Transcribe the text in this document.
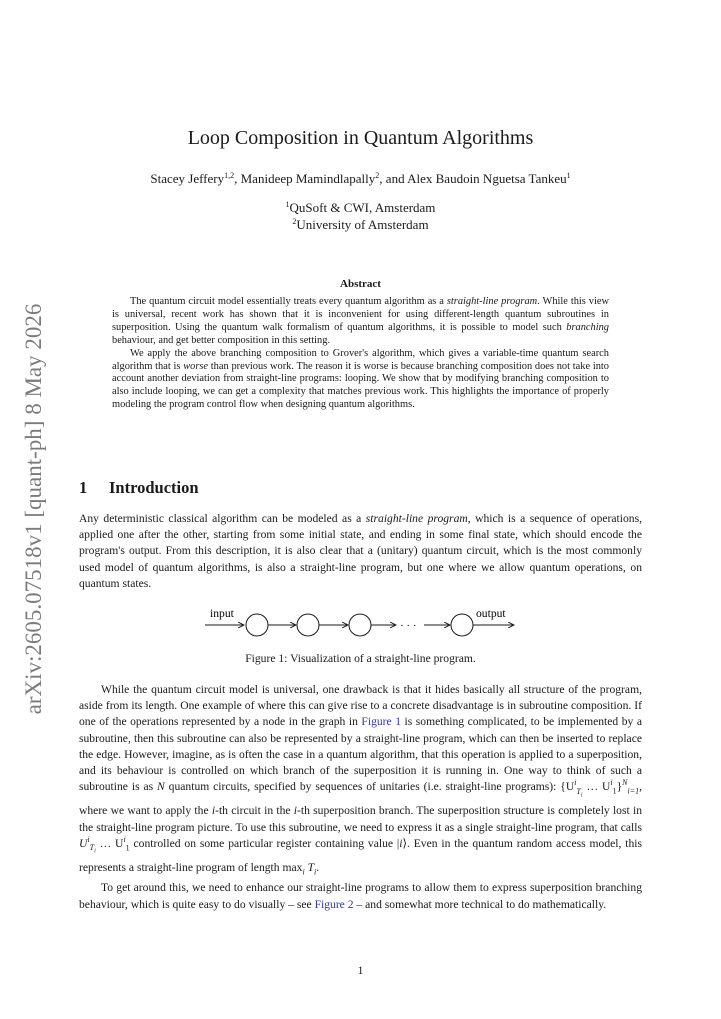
arXiv:2605.07518v1 [quant-ph] 8 May 2026
Loop Composition in Quantum Algorithms
Stacey Jeffery$^{1,2}$, Manideep Mamindlapally$^2$, and Alex Baudoin Nguetsa Tankeu$^1$
$^1$QuSoft & CWI, Amsterdam
$^2$University of Amsterdam
Abstract

The quantum circuit model essentially treats every quantum algorithm as a straight-line program. While this view is universal, recent work has shown that it is inconvenient for using different-length quantum subroutines in superposition. Using the quantum walk formalism of quantum algorithms, it is possible to model such branching behaviour, and get better composition in this setting.

We apply the above branching composition to Grover's algorithm, which gives a variable-time quantum search algorithm that is worse than previous work. The reason it is worse is because branching composition does not take into account another deviation from straight-line programs: looping. We show that by modifying branching composition to also include looping, we can get a complexity that matches previous work. This highlights the importance of properly modeling the program control flow when designing quantum algorithms.

1 Introduction

Any deterministic classical algorithm can be modeled as a straight-line program, which is a sequence of operations, applied one after the other, starting from some initial state, and ending in some final state, which should encode the program's output. From this description, it is also clear that a (unitary) quantum circuit, which is the most commonly used model of quantum algorithms, is also a straight-line program, but one where we allow quantum operations, on quantum states.

input	output
· · ·
Figure 1: Visualization of a straight-line program.

While the quantum circuit model is universal, one drawback is that it hides basically all structure of the program, aside from its length. One example of where this can give rise to a concrete disadvantage is in subroutine composition. If one of the operations represented by a node in the graph in Figure 1 is something complicated, to be implemented by a subroutine, then this subroutine can also be represented by a straight-line program, which can then be inserted to replace the edge. However, imagine, as is often the case in a quantum algorithm, that this operation is applied to a superposition, and its behaviour is controlled on which branch of the superposition it is running in. One way to think of such a subroutine is as N quantum circuits, specified by sequences of unitaries (i.e. straight-line programs): {$U^i_{T_i}$ … $U^i_1\}^N_{i=1}$, where we want to apply the i-th circuit in the i-th superposition branch. The superposition structure is completely lost in the straight-line program picture. To use this subroutine, we need to express it as a single straight-line program, that calls $U^i_{T_i}$ … $U^i_1$ controlled on some particular register containing value |i⟩. Even in the quantum random access model, this represents a straight-line program of length $\max_i T_i$.

To get around this, we need to enhance our straight-line programs to allow them to express superposition branching behaviour, which is quite easy to do visually – see Figure 2 – and somewhat more technical to do mathematically.

1
